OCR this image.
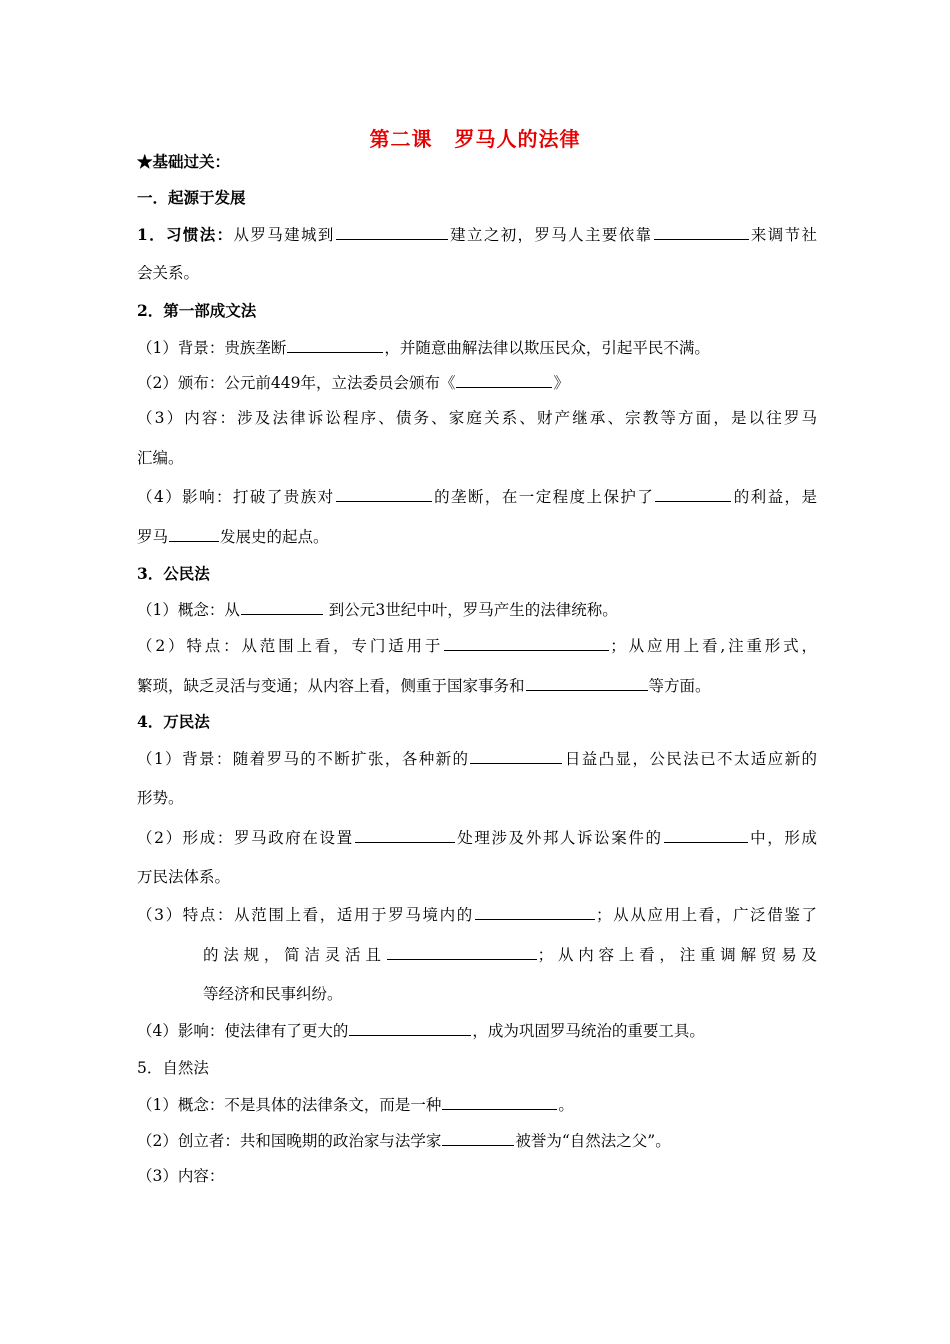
第二课 罗马人的法律
★基础过关：
一．起源于发展
1．习惯法：从罗马建城到	建立之初，罗马人主要依靠	来调节社
会关系。
2．第一部成文法
（1）背景：贵族垄断	，并随意曲解法律以欺压民众，引起平民不满。
（2）颁布：公元前449年，立法委员会颁布《	》
（3）内容：涉及法律诉讼程序、债务、家庭关系、财产继承、宗教等方面，是以往罗马
汇编。
（4）影响：打破了贵族对	的垄断，在一定程度上保护了	的利益，是
罗马	发展史的起点。
3．公民法
（1）概念：从	到公元3世纪中叶，罗马产生的法律统称。
（2）特点：从范围上看，专门适用于	；从应用上看,注重形式，
繁琐，缺乏灵活与变通；从内容上看，侧重于国家事务和	等方面。
4．万民法
（1）背景：随着罗马的不断扩张，各种新的	日益凸显，公民法已不太适应新的
形势。
（2）形成：罗马政府在设置	处理涉及外邦人诉讼案件的	中，形成
万民法体系。
（3）特点：从范围上看，适用于罗马境内的	；从从应用上看，广泛借鉴了
的法规，简洁灵活且	；从内容上看，注重调解贸易及
等经济和民事纠纷。
（4）影响：使法律有了更大的	，成为巩固罗马统治的重要工具。
5．自然法
（1）概念：不是具体的法律条文，而是一种	。
（2）创立者：共和国晚期的政治家与法学家	被誉为“自然法之父”。
（3）内容：
